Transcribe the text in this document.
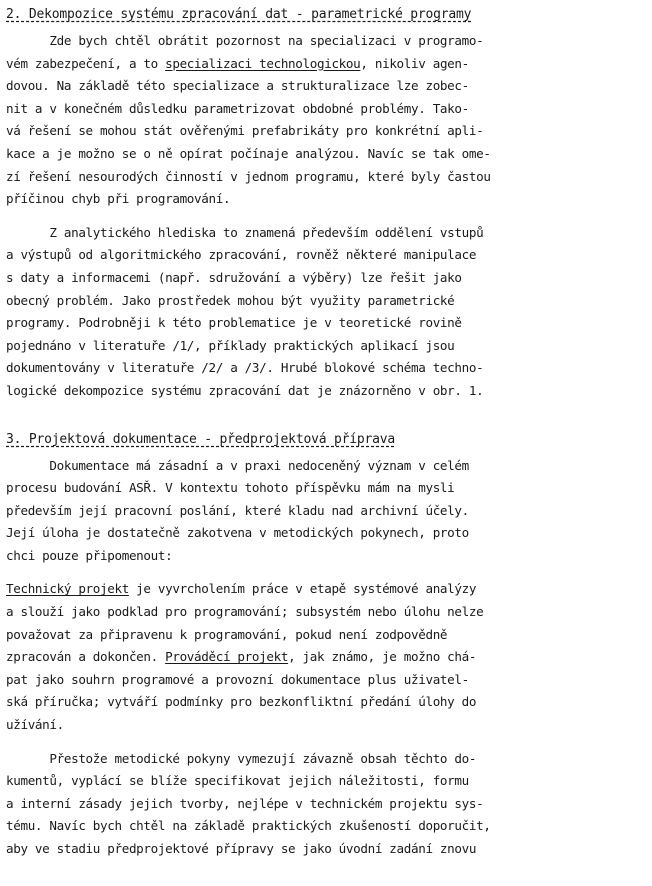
2. Dekompozice systému zpracování dat - parametrické programy

Zde bych chtěl obrátit pozornost na specializaci v programo-

vém zabezpečení, a to specializaci technologickou, nikoliv agen-

dovou. Na základě této specializace a strukturalizace lze zobec-

nit a v konečném důsledku parametrizovat obdobné problémy. Tako-

vá řešení se mohou stát ověřenými prefabrikáty pro konkrétní apli-

kace a je možno se o ně opírat počínaje analýzou. Navíc se tak ome-

zí řešení nesourodých činností v jednom programu, které byly častou

příčinou chyb při programování.

Z analytického hlediska to znamená především oddělení vstupů

a výstupů od algoritmického zpracování, rovněž některé manipulace

s daty a informacemi (např. sdružování a výběry) lze řešit jako

obecný problém. Jako prostředek mohou být využity parametrické

programy. Podrobněji k této problematice je v teoretické rovině

pojednáno v literatuře /1/, příklady praktických aplikací jsou

dokumentovány v literatuře /2/ a /3/. Hrubé blokové schéma techno-

logické dekompozice systému zpracování dat je znázorněno v obr. 1.

3. Projektová dokumentace - předprojektová příprava

Dokumentace má zásadní a v praxi nedoceněný význam v celém

procesu budování ASŘ. V kontextu tohoto příspěvku mám na mysli

především její pracovní poslání, které kladu nad archivní účely.

Její úloha je dostatečně zakotvena v metodických pokynech, proto

chci pouze připomenout:

Technický projekt je vyvrcholením práce v etapě systémové analýzy

a slouží jako podklad pro programování; subsystém nebo úlohu nelze

považovat za připravenu k programování, pokud není zodpovědně

zpracován a dokončen. Prováděcí projekt, jak známo, je možno chá-

pat jako souhrn programové a provozní dokumentace plus uživatel-

ská příručka; vytváří podmínky pro bezkonfliktní předání úlohy do

užívání.

Přestože metodické pokyny vymezují závazně obsah těchto do-

kumentů, vyplácí se blíže specifikovat jejich náležitosti, formu

a interní zásady jejich tvorby, nejlépe v technickém projektu sys-

tému. Navíc bych chtěl na základě praktických zkušeností doporučit,

aby ve stadiu předprojektové přípravy se jako úvodní zadání znovu
